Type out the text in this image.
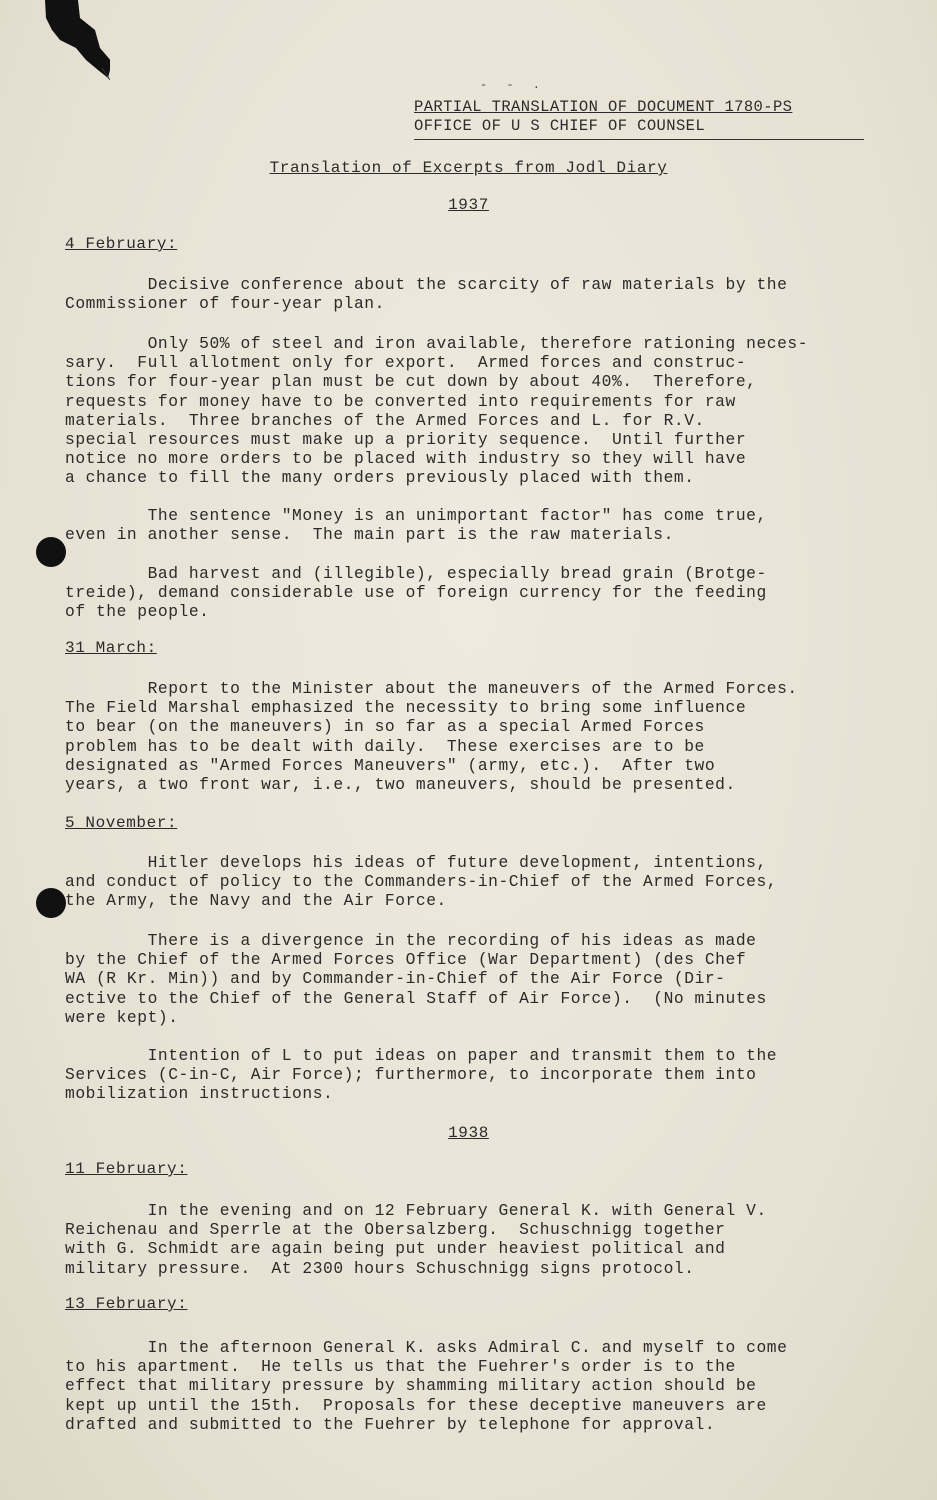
- - .
PARTIAL TRANSLATION OF DOCUMENT 1780-PS
OFFICE OF U S CHIEF OF COUNSEL
Translation of Excerpts from Jodl Diary
1937
4 February:
Decisive conference about the scarcity of raw materials by the
Commissioner of four-year plan.
Only 50% of steel and iron available, therefore rationing neces-
sary.  Full allotment only for export.  Armed forces and construc-
tions for four-year plan must be cut down by about 40%.  Therefore,
requests for money have to be converted into requirements for raw
materials.  Three branches of the Armed Forces and L. for R.V.
special resources must make up a priority sequence.  Until further
notice no more orders to be placed with industry so they will have
a chance to fill the many orders previously placed with them.
The sentence "Money is an unimportant factor" has come true,
even in another sense.  The main part is the raw materials.
Bad harvest and (illegible), especially bread grain (Brotge-
treide), demand considerable use of foreign currency for the feeding
of the people.
31 March:
Report to the Minister about the maneuvers of the Armed Forces.
The Field Marshal emphasized the necessity to bring some influence
to bear (on the maneuvers) in so far as a special Armed Forces
problem has to be dealt with daily.  These exercises are to be
designated as "Armed Forces Maneuvers" (army, etc.).  After two
years, a two front war, i.e., two maneuvers, should be presented.
5 November:
Hitler develops his ideas of future development, intentions,
and conduct of policy to the Commanders-in-Chief of the Armed Forces,
the Army, the Navy and the Air Force.
There is a divergence in the recording of his ideas as made
by the Chief of the Armed Forces Office (War Department) (des Chef
WA (R Kr. Min)) and by Commander-in-Chief of the Air Force (Dir-
ective to the Chief of the General Staff of Air Force).  (No minutes
were kept).
Intention of L to put ideas on paper and transmit them to the
Services (C-in-C, Air Force); furthermore, to incorporate them into
mobilization instructions.
1938
11 February:
In the evening and on 12 February General K. with General V.
Reichenau and Sperrle at the Obersalzberg.  Schuschnigg together
with G. Schmidt are again being put under heaviest political and
military pressure.  At 2300 hours Schuschnigg signs protocol.
13 February:
In the afternoon General K. asks Admiral C. and myself to come
to his apartment.  He tells us that the Fuehrer's order is to the
effect that military pressure by shamming military action should be
kept up until the 15th.  Proposals for these deceptive maneuvers are
drafted and submitted to the Fuehrer by telephone for approval.
